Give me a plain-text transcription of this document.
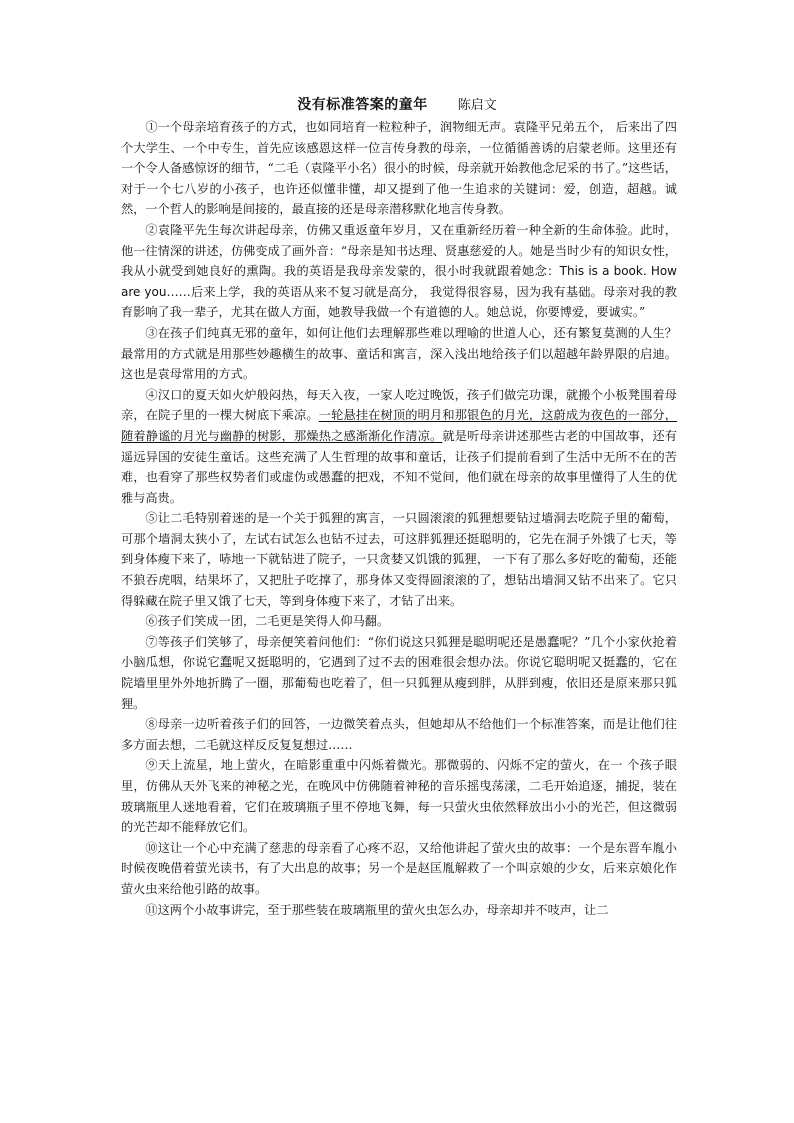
没有标准答案的童年 陈启文

①一个母亲培育孩子的方式，也如同培育一粒粒种子，润物细无声。袁隆平兄弟五个， 后来出了四个大学生、一个中专生，首先应该感恩这样一位言传身教的母亲，一位循循善诱的启蒙老师。这里还有一个令人备感惊讶的细节，“二毛（袁隆平小名）很小的时候，母亲就开始教他念尼采的书了。”这些话，对于一个七八岁的小孩子，也许还似懂非懂，却又提到了他一生追求的关键词：爱，创造，超越。诚然，一个哲人的影响是间接的，最直接的还是母亲潜移默化地言传身教。

②袁隆平先生每次讲起母亲，仿佛又重返童年岁月，又在重新经历着一种全新的生命体验。此时，他一往情深的讲述，仿佛变成了画外音：“母亲是知书达理、贤惠慈爱的人。她是当时少有的知识女性，我从小就受到她良好的熏陶。我的英语是我母亲发蒙的，很小时我就跟着她念：This is a book. How are you……后来上学，我的英语从来不复习就是高分， 我觉得很容易，因为我有基础。母亲对我的教育影响了我一辈子，尤其在做人方面，她教导我做一个有道德的人。她总说，你要博爱，要诚实。”

③在孩子们纯真无邪的童年，如何让他们去理解那些难以理喻的世道人心，还有繁复莫测的人生？最常用的方式就是用那些妙趣横生的故事、童话和寓言，深入浅出地给孩子们以超越年龄界限的启迪。这也是袁母常用的方式。

④汉口的夏天如火炉般闷热，每天入夜，一家人吃过晚饭，孩子们做完功课，就搬个小板凳围着母亲，在院子里的一棵大树底下乘凉。一轮悬挂在树顶的明月和那银色的月光，这蔚成为夜色的一部分，随着静谧的月光与幽静的树影，那燥热之感渐渐化作清凉。就是听母亲讲述那些古老的中国故事，还有遥远异国的安徒生童话。这些充满了人生哲理的故事和童话，让孩子们提前看到了生活中无所不在的苦难，也看穿了那些权势者们或虚伪或愚蠢的把戏，不知不觉间，他们就在母亲的故事里懂得了人生的优雅与高贵。

⑤让二毛特别着迷的是一个关于狐狸的寓言，一只圆滚滚的狐狸想要钻过墙洞去吃院子里的葡萄，可那个墙洞太狭小了，左试右试怎么也钻不过去，可这胖狐狸还挺聪明的，它先在洞子外饿了七天，等到身体瘦下来了，哧地一下就钻进了院子，一只贪婪又饥饿的狐狸， 一下有了那么多好吃的葡萄，还能不狼吞虎咽，结果坏了，又把肚子吃撑了，那身体又变得圆滚滚的了，想钻出墙洞又钻不出来了。它只得躲藏在院子里又饿了七天，等到身体瘦下来了，才钻了出来。

⑥孩子们笑成一团，二毛更是笑得人仰马翻。

⑦等孩子们笑够了，母亲便笑着问他们：“你们说这只狐狸是聪明呢还是愚蠢呢？”几个小家伙抢着小脑瓜想，你说它蠢呢又挺聪明的，它遇到了过不去的困难很会想办法。你说它聪明呢又挺蠢的，它在院墙里里外外地折腾了一圈，那葡萄也吃着了，但一只狐狸从瘦到胖，从胖到瘦，依旧还是原来那只狐狸。

⑧母亲一边听着孩子们的回答，一边微笑着点头，但她却从不给他们一个标准答案，而是让他们往多方面去想，二毛就这样反反复复想过……

⑨天上流星，地上萤火，在暗影重重中闪烁着微光。那微弱的、闪烁不定的萤火，在一 个孩子眼里，仿佛从天外飞来的神秘之光，在晚风中仿佛随着神秘的音乐摇曳荡漾，二毛开始追逐，捕捉，装在玻璃瓶里人迷地看着，它们在玻璃瓶子里不停地飞舞，每一只萤火虫依然释放出小小的光芒，但这微弱的光芒却不能释放它们。

⑩这让一个心中充满了慈悲的母亲看了心疼不忍，又给他讲起了萤火虫的故事：一个是东晋车胤小时候夜晚借着萤光读书，有了大出息的故事；另一个是赵匡胤解救了一个叫京娘的少女，后来京娘化作萤火虫来给他引路的故事。

⑪这两个小故事讲完，至于那些装在玻璃瓶里的萤火虫怎么办，母亲却并不吱声，让二
